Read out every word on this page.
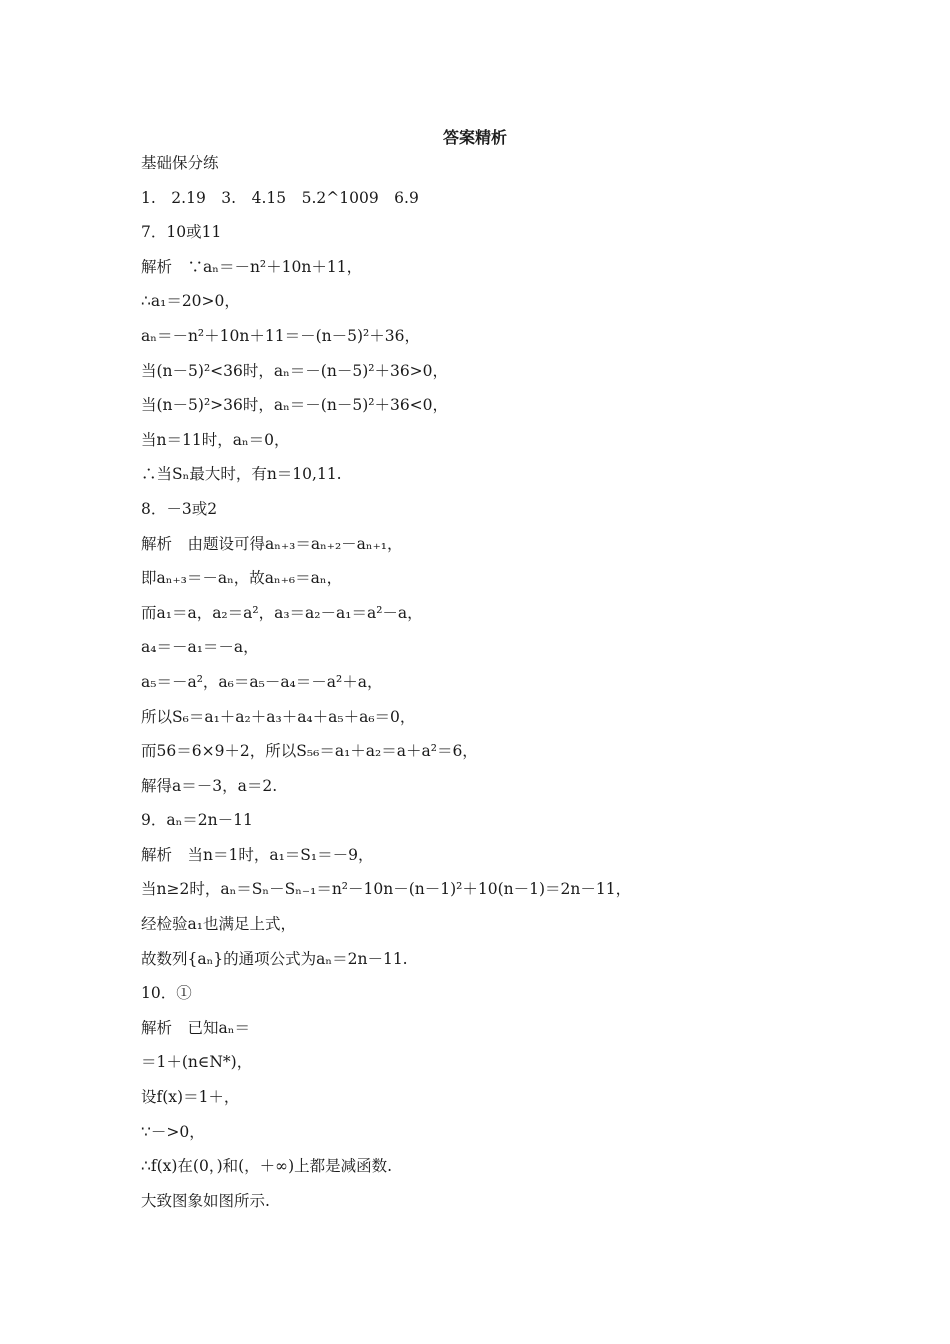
答案精析
基础保分练
1.　2.19　3.　4.15　5.2^1009　6.9
7．10或11
解析　∵aₙ＝－n²＋10n＋11，
∴a₁＝20>0，
aₙ＝－n²＋10n＋11＝－(n－5)²＋36，
当(n－5)²<36时，aₙ＝－(n－5)²＋36>0，
当(n－5)²>36时，aₙ＝－(n－5)²＋36<0，
当n＝11时，aₙ＝0，
∴当Sₙ最大时，有n＝10,11.
8．－3或2
解析　由题设可得aₙ₊₃＝aₙ₊₂－aₙ₊₁，
即aₙ₊₃＝－aₙ，故aₙ₊₆＝aₙ，
而a₁＝a，a₂＝a²，a₃＝a₂－a₁＝a²－a，
a₄＝－a₁＝－a，
a₅＝－a²，a₆＝a₅－a₄＝－a²＋a，
所以S₆＝a₁＋a₂＋a₃＋a₄＋a₅＋a₆＝0，
而56＝6×9＋2，所以S₅₆＝a₁＋a₂＝a＋a²＝6，
解得a＝－3，a＝2.
9．aₙ＝2n－11
解析　当n＝1时，a₁＝S₁＝－9，
当n≥2时，aₙ＝Sₙ－Sₙ₋₁＝n²－10n－(n－1)²＋10(n－1)＝2n－11，
经检验a₁也满足上式，
故数列{aₙ}的通项公式为aₙ＝2n－11.
10．①
解析　已知aₙ＝
＝1＋(n∈N*)，
设f(x)＝1＋，
∵－>0，
∴f(x)在(0，)和(，＋∞)上都是减函数.
大致图象如图所示.
